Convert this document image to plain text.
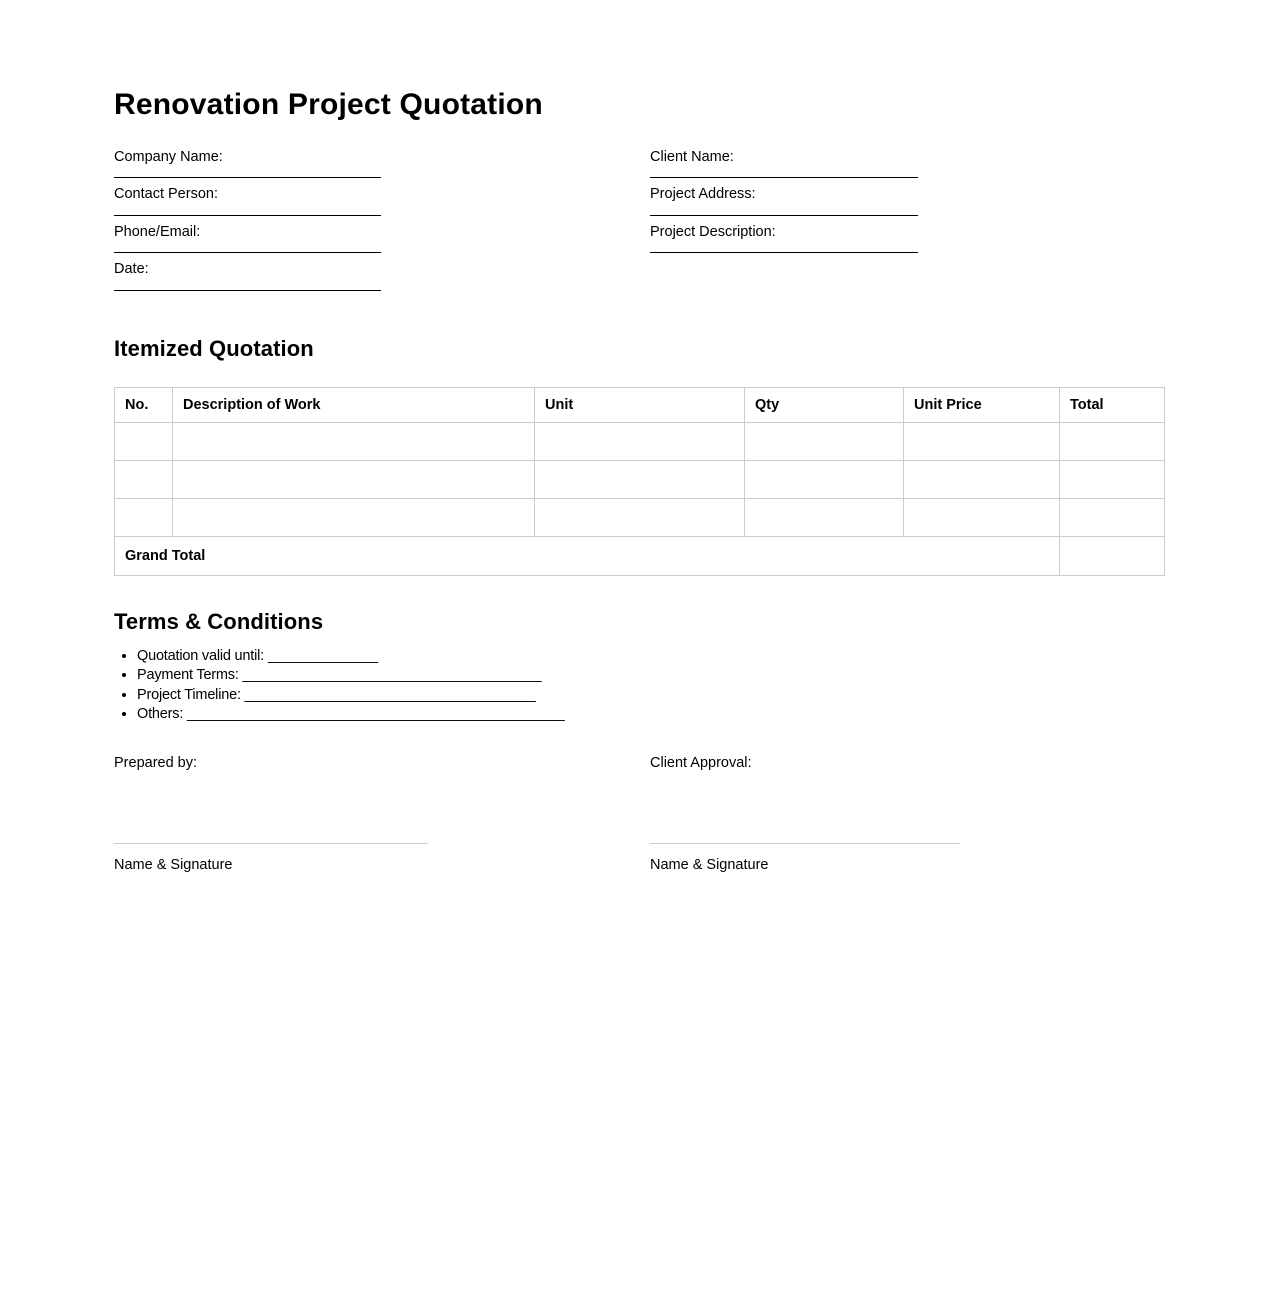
Renovation Project Quotation
Company Name:
Contact Person:
Phone/Email:
Date:
Client Name:
Project Address:
Project Description:
Itemized Quotation
No.	Description of Work	Unit	Qty	Unit Price	Total

Grand Total					
Terms & Conditions
• Quotation valid until: ______________
• Payment Terms: ______________________________________
• Project Timeline: _____________________________________
• Others: ________________________________________________
Prepared by:
Name & Signature
Client Approval:
Name & Signature
